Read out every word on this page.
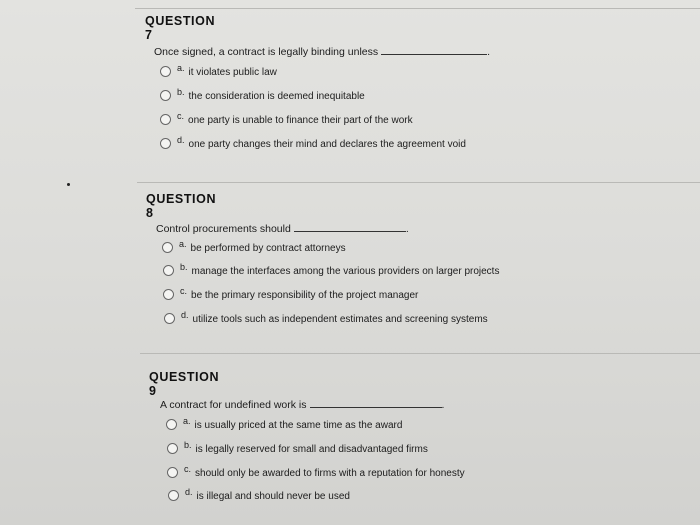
QUESTION 7
Once signed, a contract is legally binding unless	.
a. it violates public law
b. the consideration is deemed inequitable
c. one party is unable to finance their part of the work
d. one party changes their mind and declares the agreement void
QUESTION 8
Control procurements should	.
a. be performed by contract attorneys
b. manage the interfaces among the various providers on larger projects
c. be the primary responsibility of the project manager
d. utilize tools such as independent estimates and screening systems
QUESTION 9
A contract for undefined work is	.
a. is usually priced at the same time as the award
b. is legally reserved for small and disadvantaged firms
c. should only be awarded to firms with a reputation for honesty
d. is illegal and should never be used
